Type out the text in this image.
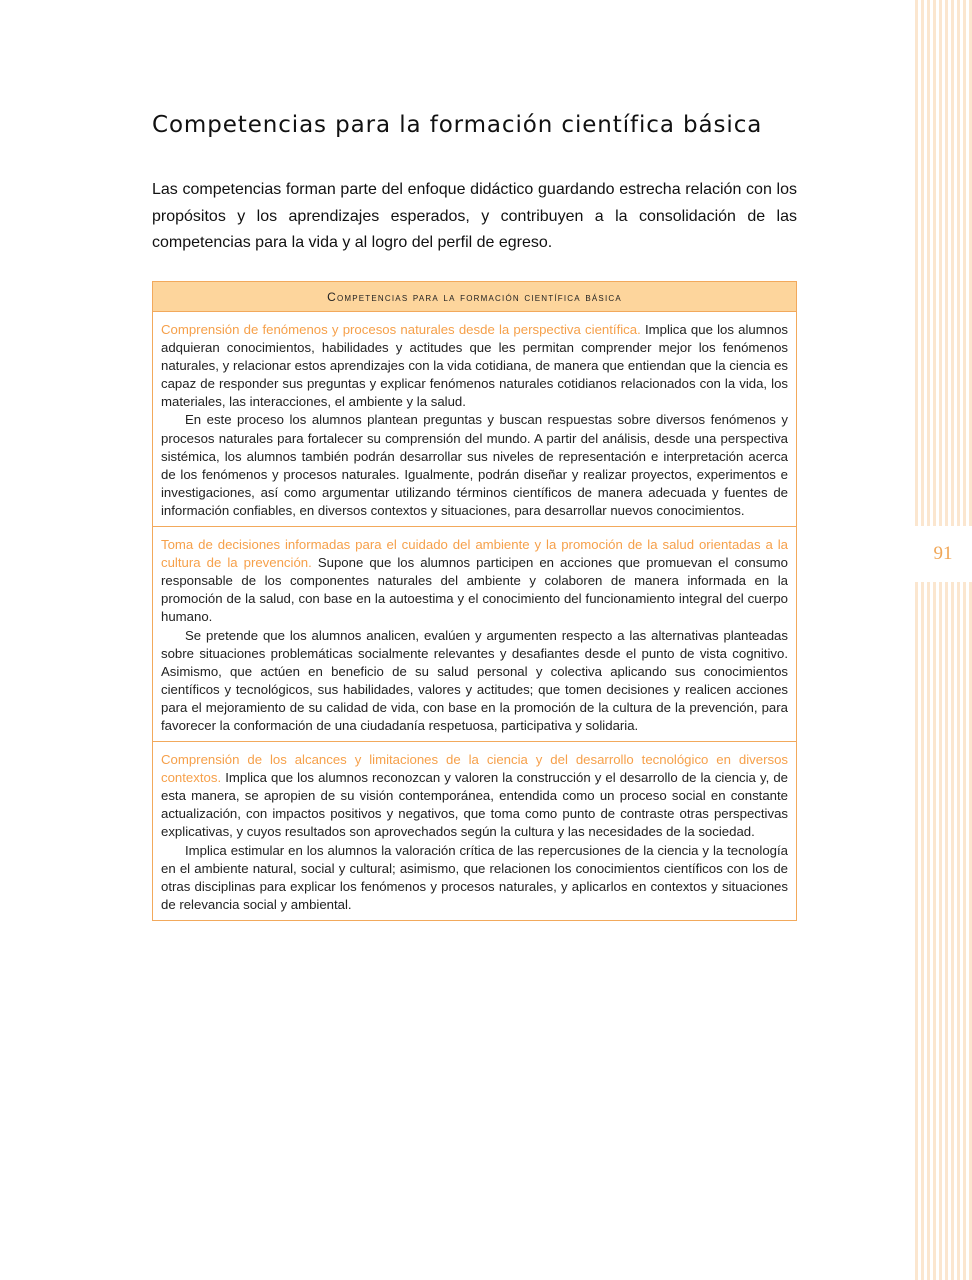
91
Competencias para la formación científica básica

Las competencias forman parte del enfoque didáctico guardando estrecha relación con los propósitos y los aprendizajes esperados, y contribuyen a la consolidación de las competencias para la vida y al logro del perfil de egreso.

Competencias para la formación científica básica

Comprensión de fenómenos y procesos naturales desde la perspectiva científica. Implica que los alumnos adquieran conocimientos, habilidades y actitudes que les permitan comprender mejor los fenómenos naturales, y relacionar estos aprendizajes con la vida cotidiana, de manera que entiendan que la ciencia es capaz de responder sus preguntas y explicar fenómenos naturales cotidianos relacionados con la vida, los materiales, las interacciones, el ambiente y la salud.

En este proceso los alumnos plantean preguntas y buscan respuestas sobre diversos fenómenos y procesos naturales para fortalecer su comprensión del mundo. A partir del análisis, desde una perspectiva sistémica, los alumnos también podrán desarrollar sus niveles de representación e interpretación acerca de los fenómenos y procesos naturales. Igualmente, podrán diseñar y realizar proyectos, experimentos e investigaciones, así como argumentar utilizando términos científicos de manera adecuada y fuentes de información confiables, en diversos contextos y situaciones, para desarrollar nuevos conocimientos.

Toma de decisiones informadas para el cuidado del ambiente y la promoción de la salud orientadas a la cultura de la prevención. Supone que los alumnos participen en acciones que promuevan el consumo responsable de los componentes naturales del ambiente y colaboren de manera informada en la promoción de la salud, con base en la autoestima y el conocimiento del funcionamiento integral del cuerpo humano.

Se pretende que los alumnos analicen, evalúen y argumenten respecto a las alternativas planteadas sobre situaciones problemáticas socialmente relevantes y desafiantes desde el punto de vista cognitivo. Asimismo, que actúen en beneficio de su salud personal y colectiva aplicando sus conocimientos científicos y tecnológicos, sus habilidades, valores y actitudes; que tomen decisiones y realicen acciones para el mejoramiento de su calidad de vida, con base en la promoción de la cultura de la prevención, para favorecer la conformación de una ciudadanía respetuosa, participativa y solidaria.

Comprensión de los alcances y limitaciones de la ciencia y del desarrollo tecnológico en diversos contextos. Implica que los alumnos reconozcan y valoren la construcción y el desarrollo de la ciencia y, de esta manera, se apropien de su visión contemporánea, entendida como un proceso social en constante actualización, con impactos positivos y negativos, que toma como punto de contraste otras perspectivas explicativas, y cuyos resultados son aprovechados según la cultura y las necesidades de la sociedad.

Implica estimular en los alumnos la valoración crítica de las repercusiones de la ciencia y la tecnología en el ambiente natural, social y cultural; asimismo, que relacionen los conocimientos científicos con los de otras disciplinas para explicar los fenómenos y procesos naturales, y aplicarlos en contextos y situaciones de relevancia social y ambiental.
